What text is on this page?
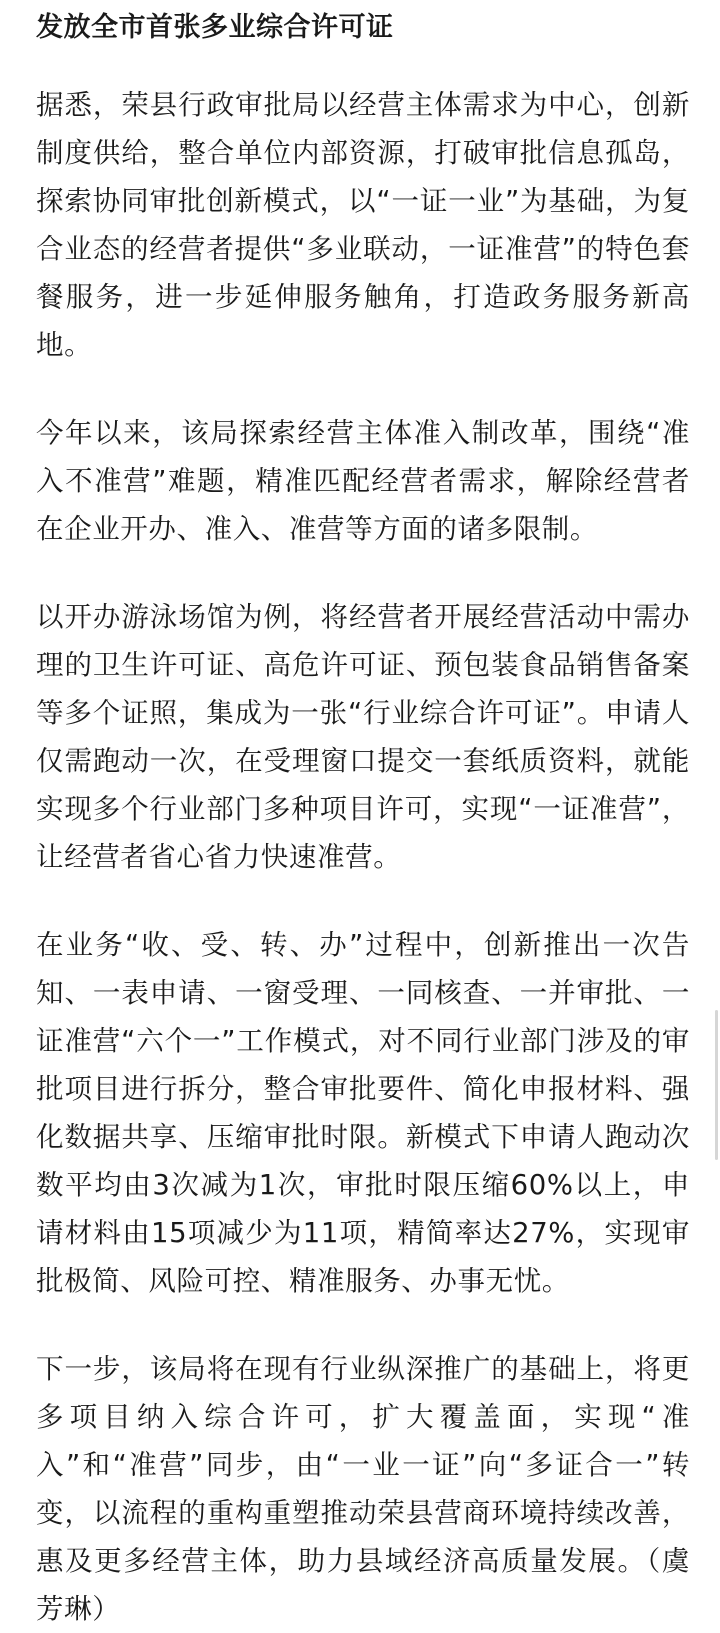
发放全市首张多业综合许可证

据悉，荣县行政审批局以经营主体需求为中心，创新制度供给，整合单位内部资源，打破审批信息孤岛，探索协同审批创新模式，以“一证一业”为基础，为复合业态的经营者提供“多业联动，一证准营”的特色套餐服务，进一步延伸服务触角，打造政务服务新高地。

今年以来，该局探索经营主体准入制改革，围绕“准入不准营”难题，精准匹配经营者需求，解除经营者在企业开办、准入、准营等方面的诸多限制。

以开办游泳场馆为例，将经营者开展经营活动中需办理的卫生许可证、高危许可证、预包装食品销售备案等多个证照，集成为一张“行业综合许可证”。申请人仅需跑动一次，在受理窗口提交一套纸质资料，就能实现多个行业部门多种项目许可，实现“一证准营”，让经营者省心省力快速准营。

在业务“收、受、转、办”过程中，创新推出一次告知、一表申请、一窗受理、一同核查、一并审批、一证准营“六个一”工作模式，对不同行业部门涉及的审批项目进行拆分，整合审批要件、简化申报材料、强化数据共享、压缩审批时限。新模式下申请人跑动次数平均由3次减为1次，审批时限压缩60%以上，申请材料由15项减少为11项，精简率达27%，实现审批极简、风险可控、精准服务、办事无忧。

下一步，该局将在现有行业纵深推广的基础上，将更多项目纳入综合许可，扩大覆盖面，实现“准入”和“准营”同步，由“一业一证”向“多证合一”转变，以流程的重构重塑推动荣县营商环境持续改善，惠及更多经营主体，助力县域经济高质量发展。（虞芳琳）
